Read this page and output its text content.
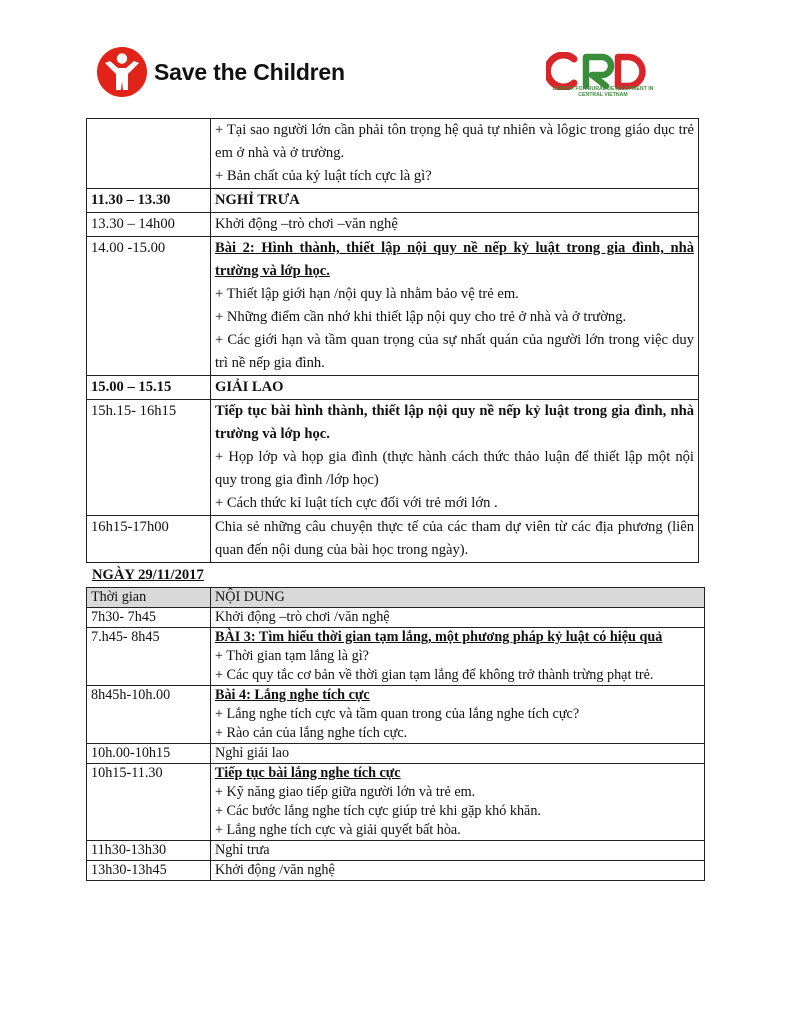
Save the Children
CENTER FOR RURAL DEVELOPMENT IN CENTRAL VIETNAM

	+ Tại sao người lớn cần phải tôn trọng hệ quả tự nhiên và lôgic trong giáo dục trẻ em ở nhà và ở trường.
+ Bản chất của kỷ luật tích cực là gì?

11.30 – 13.30	NGHỈ TRƯA
13.30 – 14h00	Khởi động –trò chơi –văn nghệ
14.00 -15.00	Bài 2: Hình thành, thiết lập nội quy nề nếp kỷ luật trong gia đình, nhà trường và lớp học.
+ Thiết lập giới hạn /nội quy là nhằm bảo vệ trẻ em.
+ Những điểm cần nhớ khi thiết lập nội quy cho trẻ ở nhà và ở trường.
+ Các giới hạn và tầm quan trọng của sự nhất quán của người lớn trong việc duy trì nề nếp gia đình.

15.00 – 15.15	GIẢI LAO
15h.15- 16h15	Tiếp tục bài hình thành, thiết lập nội quy nề nếp kỷ luật trong gia đình, nhà trường và lớp học.
+ Họp lớp và họp gia đình (thực hành cách thức thảo luận để thiết lập một nội quy trong gia đình /lớp học)
+ Cách thức kỉ luật tích cực đối với trẻ mới lớn .

16h15-17h00	Chia sẻ những câu chuyện thực tế của các tham dự viên từ các địa phương (liên quan đến nội dung của bài học trong ngày).
NGÀY 29/11/2017
Thời gian	NỘI DUNG
7h30- 7h45	Khởi động –trò chơi /văn nghệ
7.h45- 8h45	BÀI 3: Tìm hiểu thời gian tạm lắng, một phương pháp kỷ luật có hiệu quả
+ Thời gian tạm lắng là gì?
+ Các quy tắc cơ bản về thời gian tạm lắng để không trở thành trừng phạt trẻ.

8h45h-10h.00	Bài 4: Lắng nghe tích cực
+ Lắng nghe tích cực và tầm quan trong của lắng nghe tích cực?
+ Rào cản của lắng nghe tích cực.

10h.00-10h15	Nghỉ giải lao
10h15-11.30	Tiếp tục bài lắng nghe tích cực
+ Kỹ năng giao tiếp giữa người lớn và trẻ em.
+ Các bước lắng nghe tích cực giúp trẻ khi gặp khó khăn.
+ Lắng nghe tích cực và giải quyết bất hòa.

11h30-13h30	Nghỉ trưa
13h30-13h45	Khởi động /văn nghệ
